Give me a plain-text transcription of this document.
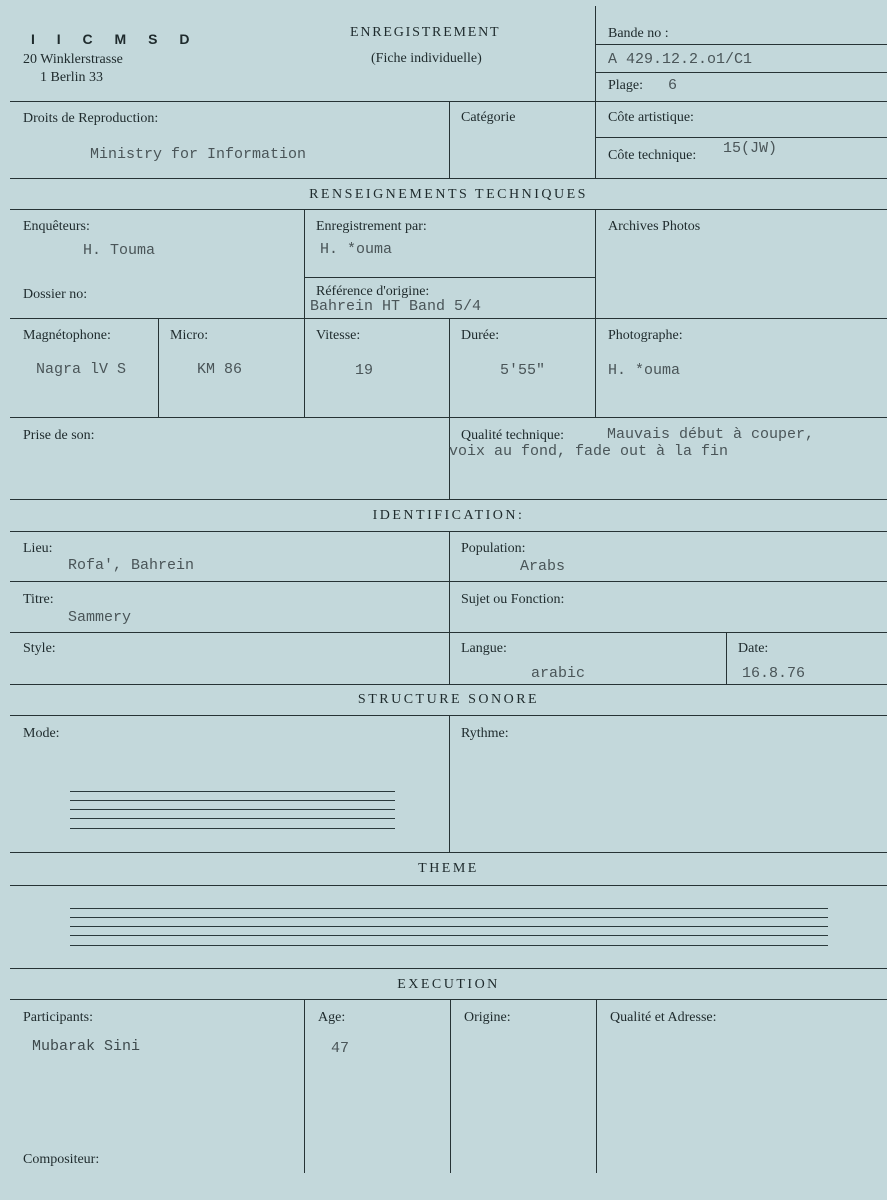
I I C M S D
20 Winklerstrasse
1 Berlin 33
ENREGISTREMENT
(Fiche individuelle)
Bande no :
A 429.12.2.o1/C1
Plage: 6
Droits de Reproduction:
Ministry for Information
Catégorie	Côte artistique:
Côte technique: 15(JW)
RENSEIGNEMENTS TECHNIQUES
Enquêteurs:
H. Touma
Enregistrement par:
H. *ouma
Archives Photos
Dossier no:	Référence d'origine:
Bahrein HT Band 5/4
Magnétophone:
Nagra lV S
Micro:
KM 86
Vitesse:
19
Durée:
5'55"
Photographe:
H. *ouma
Prise de son:	Qualité technique:	Mauvais début à couper,
voix au fond, fade out à la fin
IDENTIFICATION:
Lieu:
Rofa', Bahrein
Population:
Arabs
Titre:
Sammery
Sujet ou Fonction:
Style:	Langue:
arabic
Date:
16.8.76
STRUCTURE SONORE
Mode:	Rythme:
THEME
EXECUTION
Participants:
Mubarak Sini
Age:
47
Origine:	Qualité et Adresse:
Compositeur:
